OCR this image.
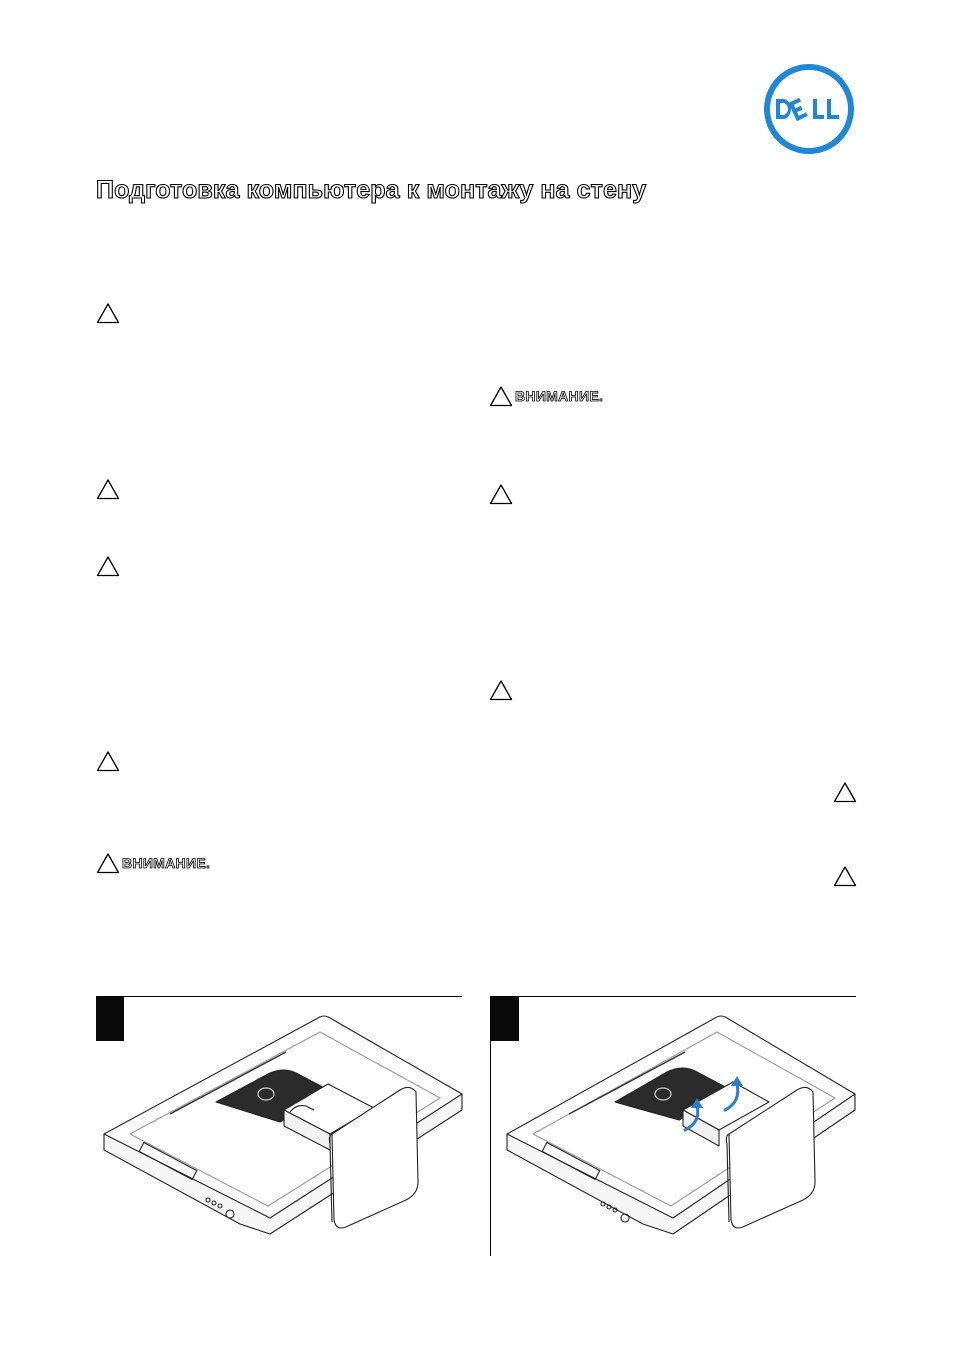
Подготовка компьютера к монтажу на стену
ВНИМАНИЕ.
ВНИМАНИЕ.
1	2
